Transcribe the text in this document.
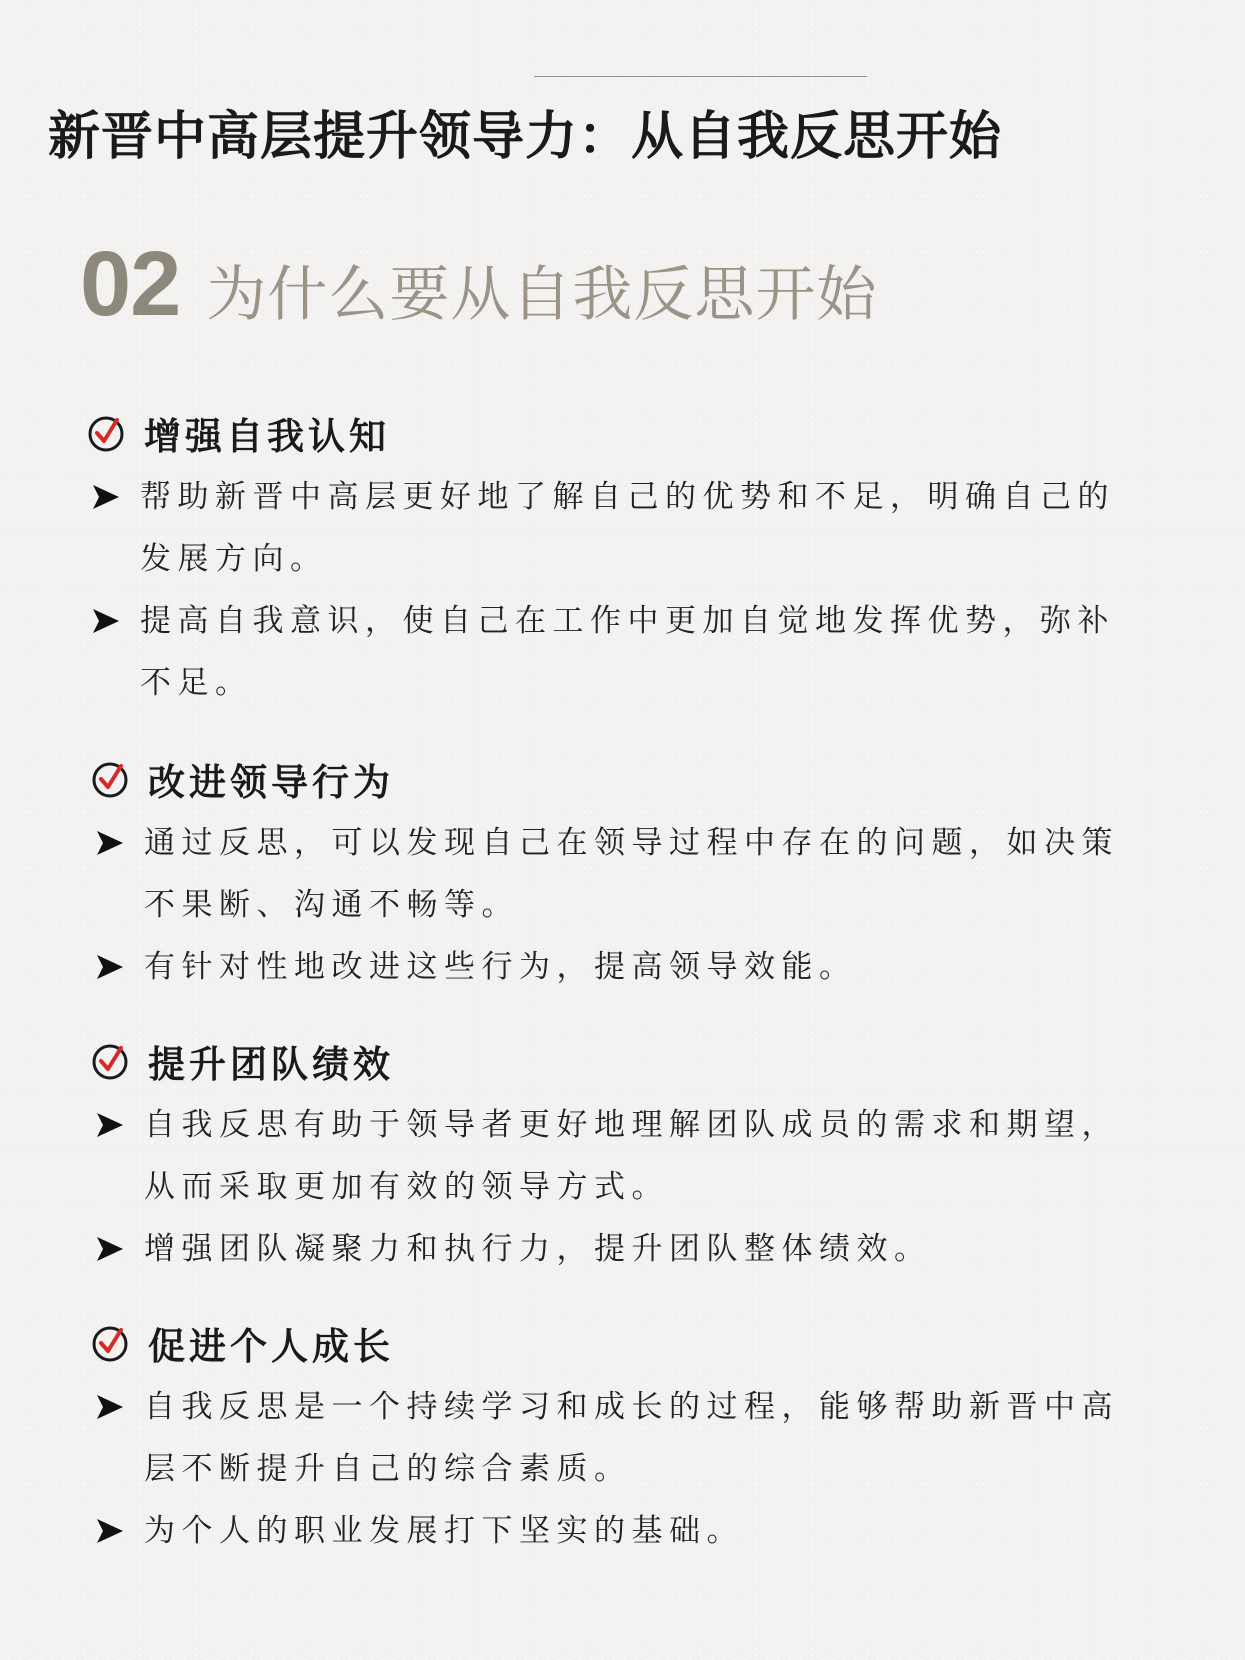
新晋中高层提升领导力：从自我反思开始
02 为什么要从自我反思开始
增强自我认知
帮助新晋中高层更好地了解自己的优势和不足，明确自己的发展方向。
提高自我意识，使自己在工作中更加自觉地发挥优势，弥补不足。
改进领导行为
通过反思，可以发现自己在领导过程中存在的问题，如决策不果断、沟通不畅等。
有针对性地改进这些行为，提高领导效能。
提升团队绩效
自我反思有助于领导者更好地理解团队成员的需求和期望，从而采取更加有效的领导方式。
增强团队凝聚力和执行力，提升团队整体绩效。
促进个人成长
自我反思是一个持续学习和成长的过程，能够帮助新晋中高层不断提升自己的综合素质。
为个人的职业发展打下坚实的基础。
